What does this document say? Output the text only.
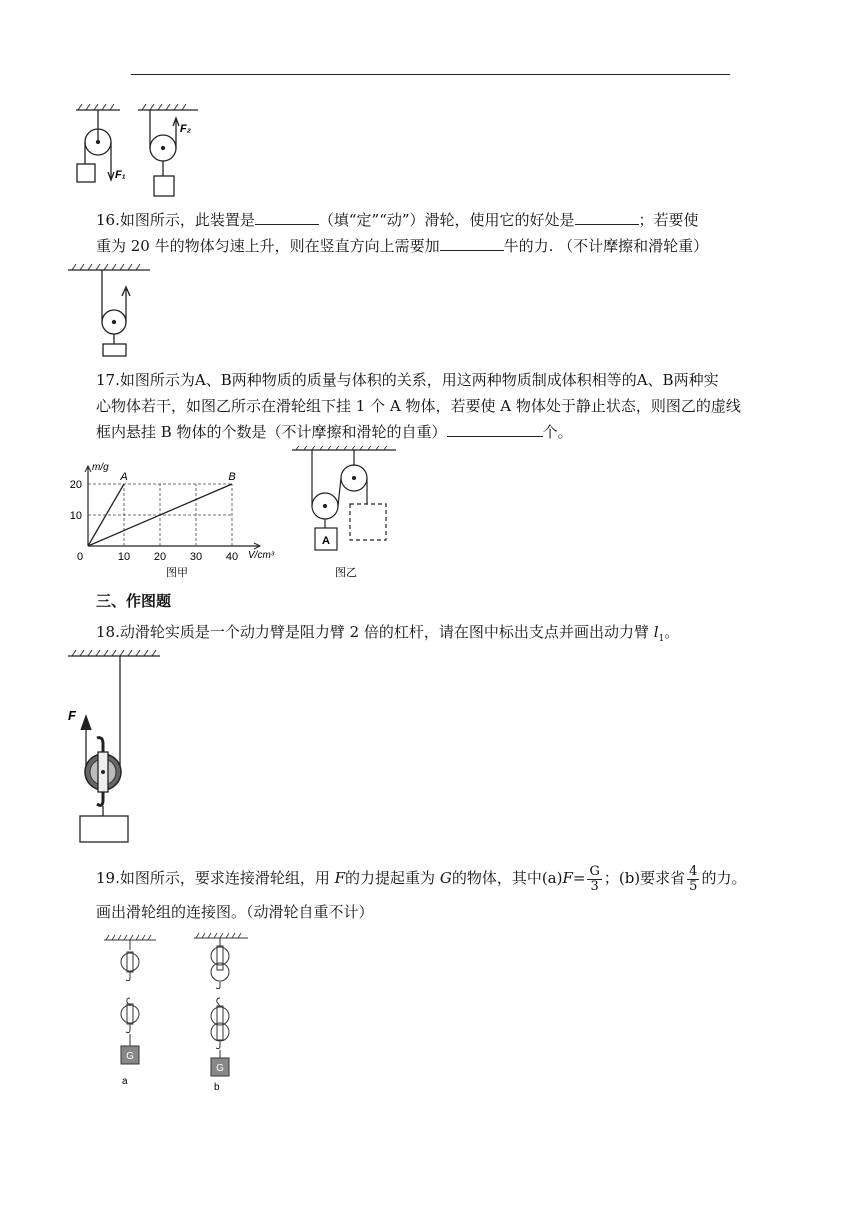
F₁
F₂
16.如图所示，此装置是	（填“定”“动”）滑轮，使用它的好处是	；若要使
重为 20 牛的物体匀速上升，则在竖直方向上需要加	牛的力. （不计摩擦和滑轮重）
17.如图所示为A、B两种物质的质量与体积的关系，用这两种物质制成体积相等的A、B两种实
心物体若干，如图乙所示在滑轮组下挂 1 个 A 物体，若要使 A 物体处于静止状态，则图乙的虚线
框内悬挂 B 物体的个数是（不计摩擦和滑轮的自重）	个。
A	B
0	10 20 30 40
10
20
V/cm³
m/g
图甲
A
图乙
三、作图题
18.动滑轮实质是一个动力臂是阻力臂 2 倍的杠杆，请在图中标出支点并画出动力臂 $l_1$。
F
19.如图所示，要求连接滑轮组，用 F的力提起重为 G的物体，其中$(a)F= \frac{G}{3}$ ；(b)要求省 $\frac{4}{5}$ 的力。
画出滑轮组的连接图。（动滑轮自重不计）
G
a
G
b
